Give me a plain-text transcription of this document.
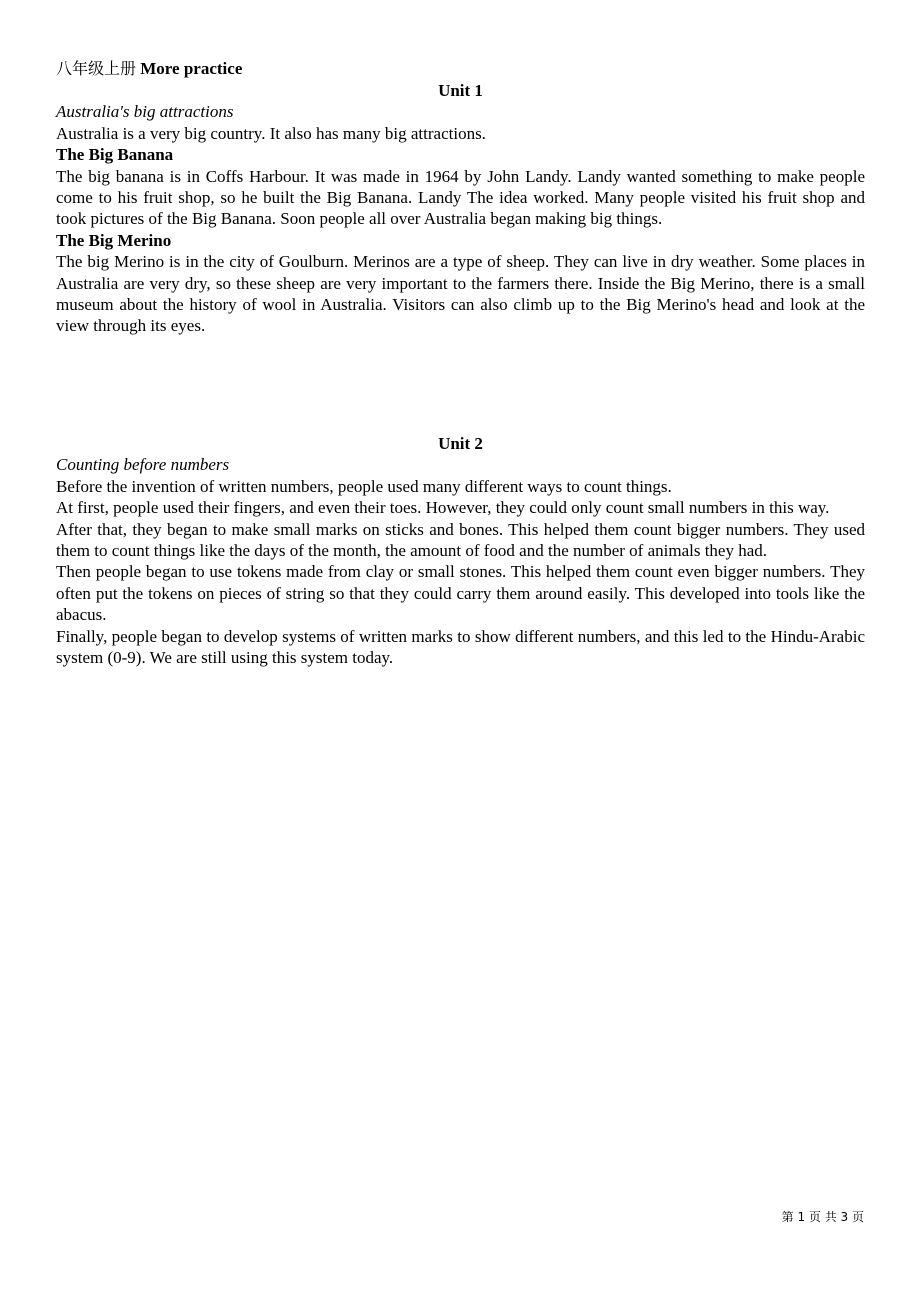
八年级上册 More practice

Unit 1

Australia's big attractions

Australia is a very big country. It also has many big attractions.

The Big Banana

The big banana is in Coffs Harbour. It was made in 1964 by John Landy. Landy wanted something to make people come to his fruit shop, so he built the Big Banana. Landy The idea worked. Many people visited his fruit shop and took pictures of the Big Banana. Soon people all over Australia began making big things.

The Big Merino

The big Merino is in the city of Goulburn. Merinos are a type of sheep. They can live in dry weather. Some places in Australia are very dry, so these sheep are very important to the farmers there. Inside the Big Merino, there is a small museum about the history of wool in Australia. Visitors can also climb up to the Big Merino's head and look at the view through its eyes.

Unit 2

Counting before numbers

Before the invention of written numbers, people used many different ways to count things.

At first, people used their fingers, and even their toes. However, they could only count small numbers in this way.

After that, they began to make small marks on sticks and bones. This helped them count bigger numbers. They used them to count things like the days of the month, the amount of food and the number of animals they had.

Then people began to use tokens made from clay or small stones. This helped them count even bigger numbers. They often put the tokens on pieces of string so that they could carry them around easily. This developed into tools like the abacus.

Finally, people began to develop systems of written marks to show different numbers, and this led to the Hindu-Arabic system (0-9). We are still using this system today.

第 1 页 共 3 页
